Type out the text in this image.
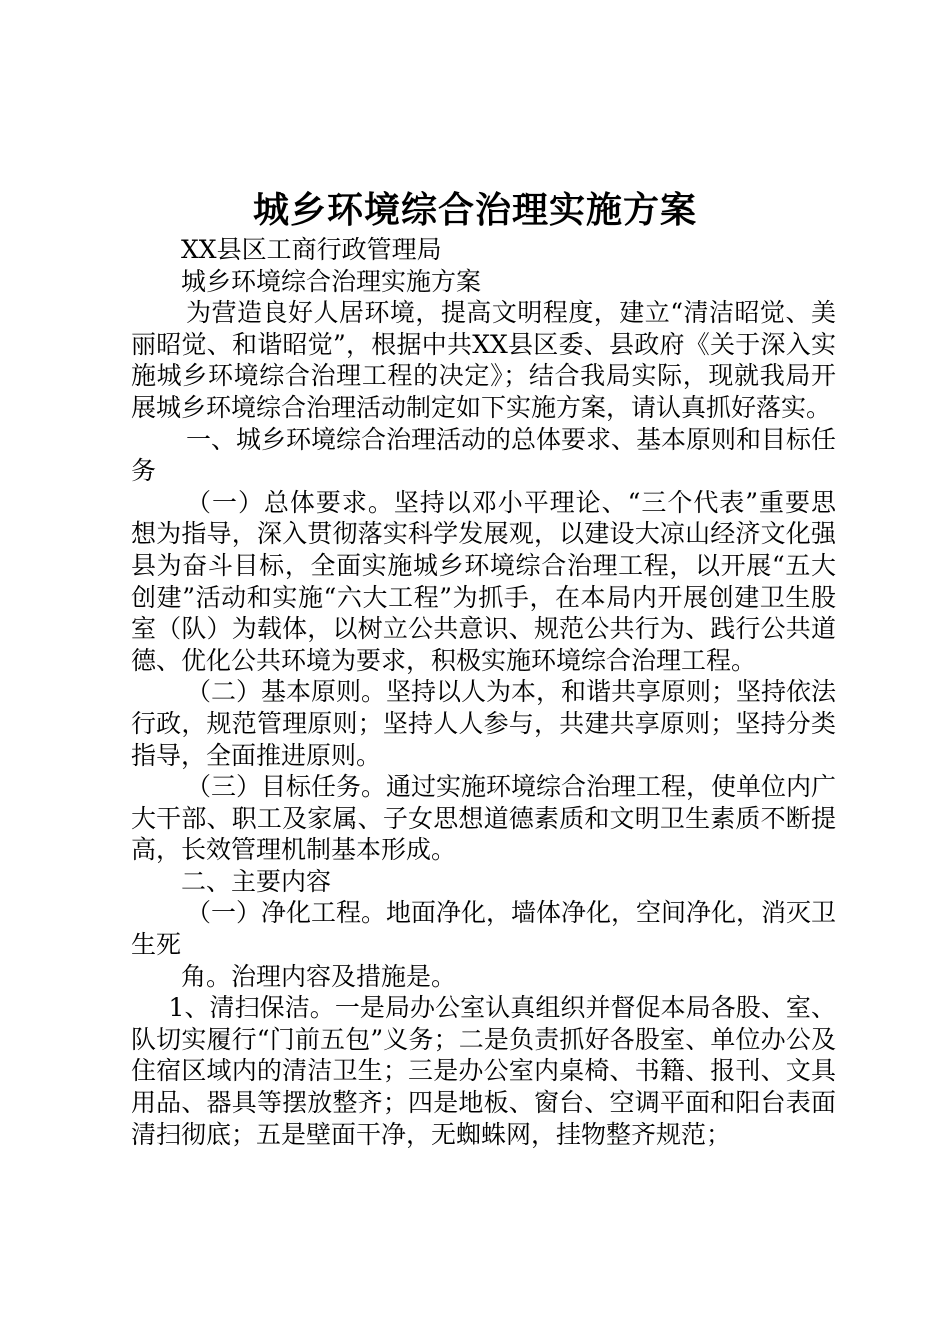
城乡环境综合治理实施方案

XX县区工商行政管理局

城乡环境综合治理实施方案

为营造良好人居环境，提高文明程度，建立“清洁昭觉、美丽昭觉、和谐昭觉”，根据中共XX县区委、县政府《关于深入实施城乡环境综合治理工程的决定》；结合我局实际，现就我局开展城乡环境综合治理活动制定如下实施方案，请认真抓好落实。

一、城乡环境综合治理活动的总体要求、基本原则和目标任务

（一）总体要求。坚持以邓小平理论、“三个代表”重要思想为指导，深入贯彻落实科学发展观，以建设大凉山经济文化强县为奋斗目标，全面实施城乡环境综合治理工程，以开展“五大创建”活动和实施“六大工程”为抓手，在本局内开展创建卫生股室（队）为载体，以树立公共意识、规范公共行为、践行公共道德、优化公共环境为要求，积极实施环境综合治理工程。

（二）基本原则。坚持以人为本，和谐共享原则；坚持依法行政，规范管理原则；坚持人人参与，共建共享原则；坚持分类指导，全面推进原则。

（三）目标任务。通过实施环境综合治理工程，使单位内广大干部、职工及家属、子女思想道德素质和文明卫生素质不断提高，长效管理机制基本形成。

二、主要内容

（一）净化工程。地面净化，墙体净化，空间净化，消灭卫生死

角。治理内容及措施是。

1、清扫保洁。一是局办公室认真组织并督促本局各股、室、队切实履行“门前五包”义务；二是负责抓好各股室、单位办公及住宿区域内的清洁卫生；三是办公室内桌椅、书籍、报刊、文具用品、器具等摆放整齐；四是地板、窗台、空调平面和阳台表面清扫彻底；五是壁面干净，无蜘蛛网，挂物整齐规范；
